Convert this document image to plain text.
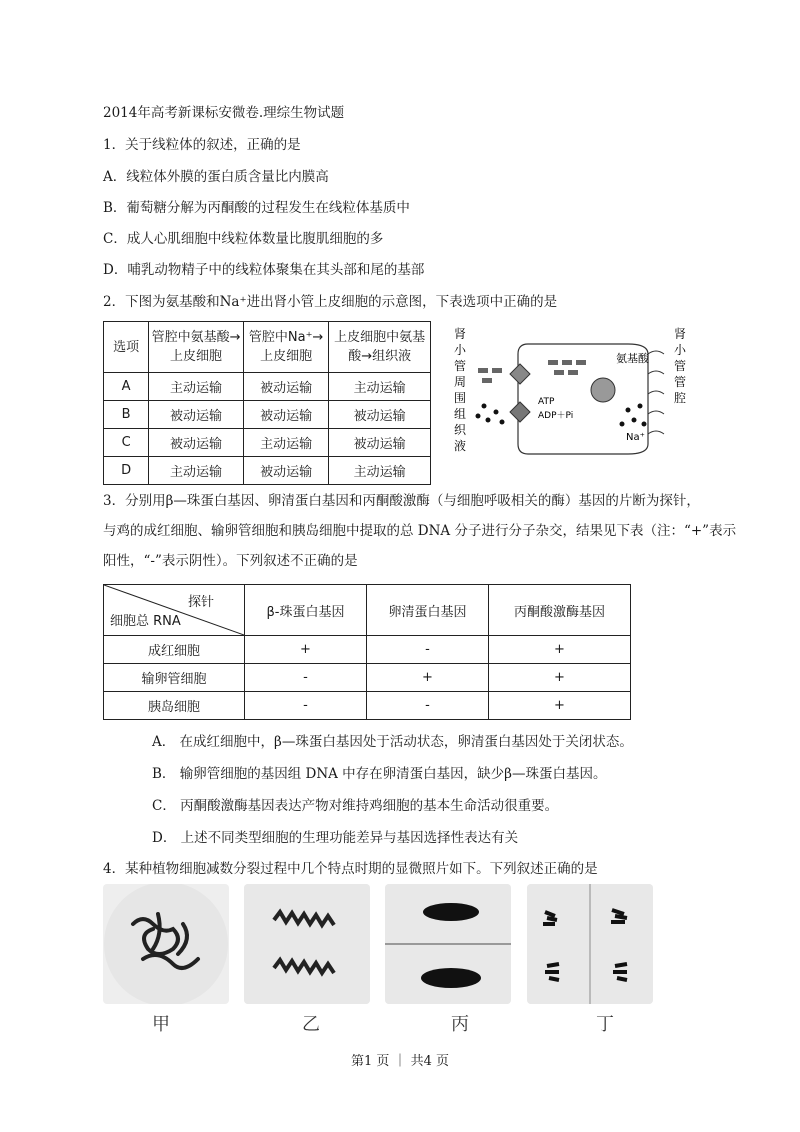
2014年高考新课标安微卷.理综生物试题
1．关于线粒体的叙述，正确的是
A．线粒体外膜的蛋白质含量比内膜高
B．葡萄糖分解为丙酮酸的过程发生在线粒体基质中
C．成人心肌细胞中线粒体数量比腹肌细胞的多
D．哺乳动物精子中的线粒体聚集在其头部和尾的基部
2．下图为氨基酸和Na⁺进出肾小管上皮细胞的示意图，下表选项中正确的是
选项	管腔中氨基酸→上皮细胞	管腔中Na⁺→上皮细胞	上皮细胞中氨基酸→组织液
A	主动运输	被动运输	主动运输
B	被动运输	被动运输	被动运输
C	被动运输	主动运输	被动运输
D	主动运输	被动运输	主动运输
氨基酸
ATP
ADP＋Pi
Na⁺
肾
小
管
管
腔
肾
小
管
周
围
组
织
液
3．分别用β—珠蛋白基因、卵清蛋白基因和丙酮酸激酶（与细胞呼吸相关的酶）基因的片断为探针，
与鸡的成红细胞、输卵管细胞和胰岛细胞中提取的总 DNA 分子进行分子杂交，结果见下表（注：“+”表示
阳性，“-”表示阴性）。下列叙述不正确的是
探针
细胞总 RNA	β-珠蛋白基因	卵清蛋白基因	丙酮酸激酶基因
成红细胞	+	-	+
输卵管细胞	-	+	+
胰岛细胞	-	-	+
A． 在成红细胞中，β—珠蛋白基因处于活动状态，卵清蛋白基因处于关闭状态。
B． 输卵管细胞的基因组 DNA 中存在卵清蛋白基因，缺少β—珠蛋白基因。
C． 丙酮酸激酶基因表达产物对维持鸡细胞的基本生命活动很重要。
D． 上述不同类型细胞的生理功能差异与基因选择性表达有关
4．某种植物细胞减数分裂过程中几个特点时期的显微照片如下。下列叙述正确的是
甲	乙	丙	丁
第1 页 ｜ 共4 页
